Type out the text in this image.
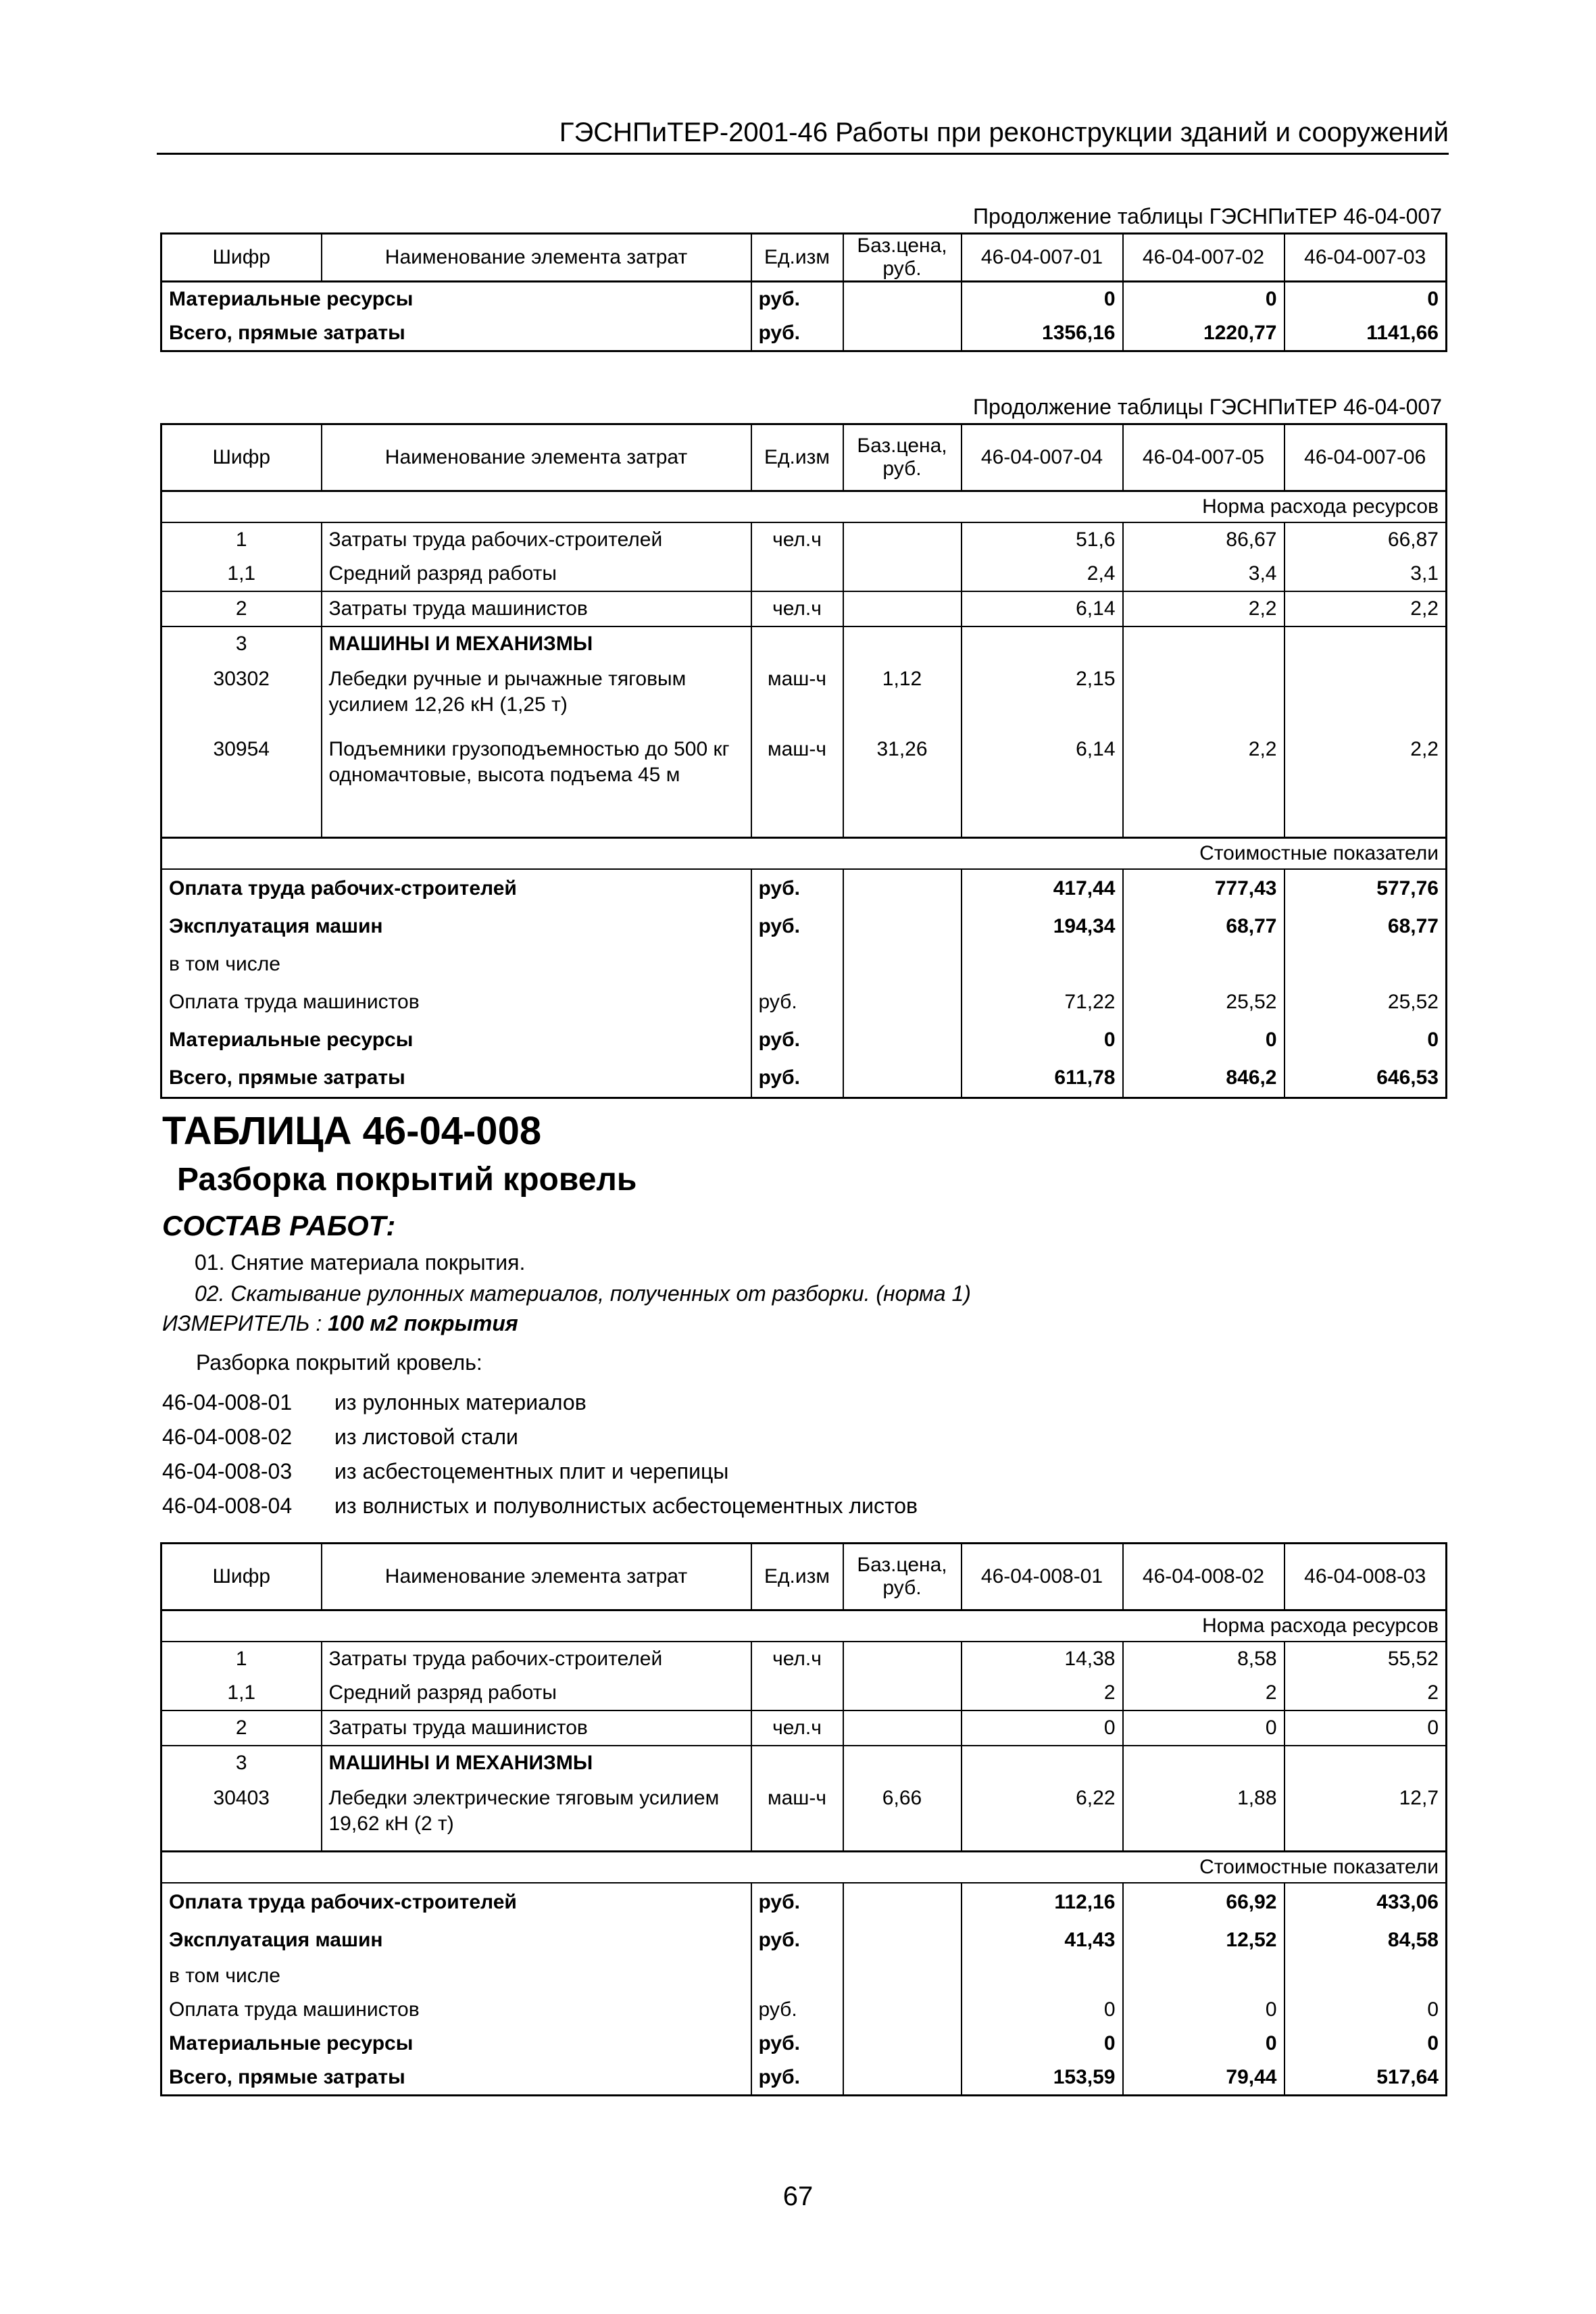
ГЭСНПиТЕР-2001-46 Работы при реконструкции зданий и сооружений
Продолжение таблицы ГЭСНПиТЕР 46-04-007
Шифр	Наименование элемента затрат	Ед.изм	Баз.цена, руб.	46-04-007-01	46-04-007-02	46-04-007-03
Материальные ресурсы		руб.		0	0	0
Всего, прямые затраты		руб.		1356,16	1220,77	1141,66
Продолжение таблицы ГЭСНПиТЕР 46-04-007
Шифр	Наименование элемента затрат	Ед.изм	Баз.цена, руб.	46-04-007-04	46-04-007-05	46-04-007-06
Норма расхода ресурсов						
1	Затраты труда рабочих-строителей	чел.ч		51,6	86,67	66,87
1,1	Средний разряд работы			2,4	3,4	3,1
2	Затраты труда машинистов	чел.ч		6,14	2,2	2,2
3	МАШИНЫ И МЕХАНИЗМЫ					
30302	Лебедки ручные и рычажные тяговым усилием 12,26 кН (1,25 т)	маш-ч	1,12	2,15		
30954	Подъемники грузоподъемностью до 500 кг одномачтовые, высота подъема 45 м	маш-ч	31,26	6,14	2,2	2,2

Стоимостные показатели						
Оплата труда рабочих-строителей		руб.		417,44	777,43	577,76
Эксплуатация машин		руб.		194,34	68,77	68,77
в том числе						
Оплата труда машинистов		руб.		71,22	25,52	25,52
Материальные ресурсы		руб.		0	0	0
Всего, прямые затраты		руб.		611,78	846,2	646,53
ТАБЛИЦА 46-04-008
Разборка покрытий кровель
СОСТАВ РАБОТ:
01. Снятие материала покрытия.
02. Скатывание рулонных материалов, полученных от разборки. (норма 1)
ИЗМЕРИТЕЛЬ : 100 м2 покрытия
Разборка покрытий кровель:
46-04-008-01 из рулонных материалов
46-04-008-02 из листовой стали
46-04-008-03 из асбестоцементных плит и черепицы
46-04-008-04 из волнистых и полуволнистых асбестоцементных листов
Шифр	Наименование элемента затрат	Ед.изм	Баз.цена, руб.	46-04-008-01	46-04-008-02	46-04-008-03
Норма расхода ресурсов						
1	Затраты труда рабочих-строителей	чел.ч		14,38	8,58	55,52
1,1	Средний разряд работы			2	2	2
2	Затраты труда машинистов	чел.ч		0	0	0
3	МАШИНЫ И МЕХАНИЗМЫ					
30403	Лебедки электрические тяговым усилием 19,62 кН (2 т)	маш-ч	6,66	6,22	1,88	12,7
Стоимостные показатели						
Оплата труда рабочих-строителей		руб.		112,16	66,92	433,06
Эксплуатация машин		руб.		41,43	12,52	84,58
в том числе						
Оплата труда машинистов		руб.		0	0	0
Материальные ресурсы		руб.		0	0	0
Всего, прямые затраты		руб.		153,59	79,44	517,64
67
